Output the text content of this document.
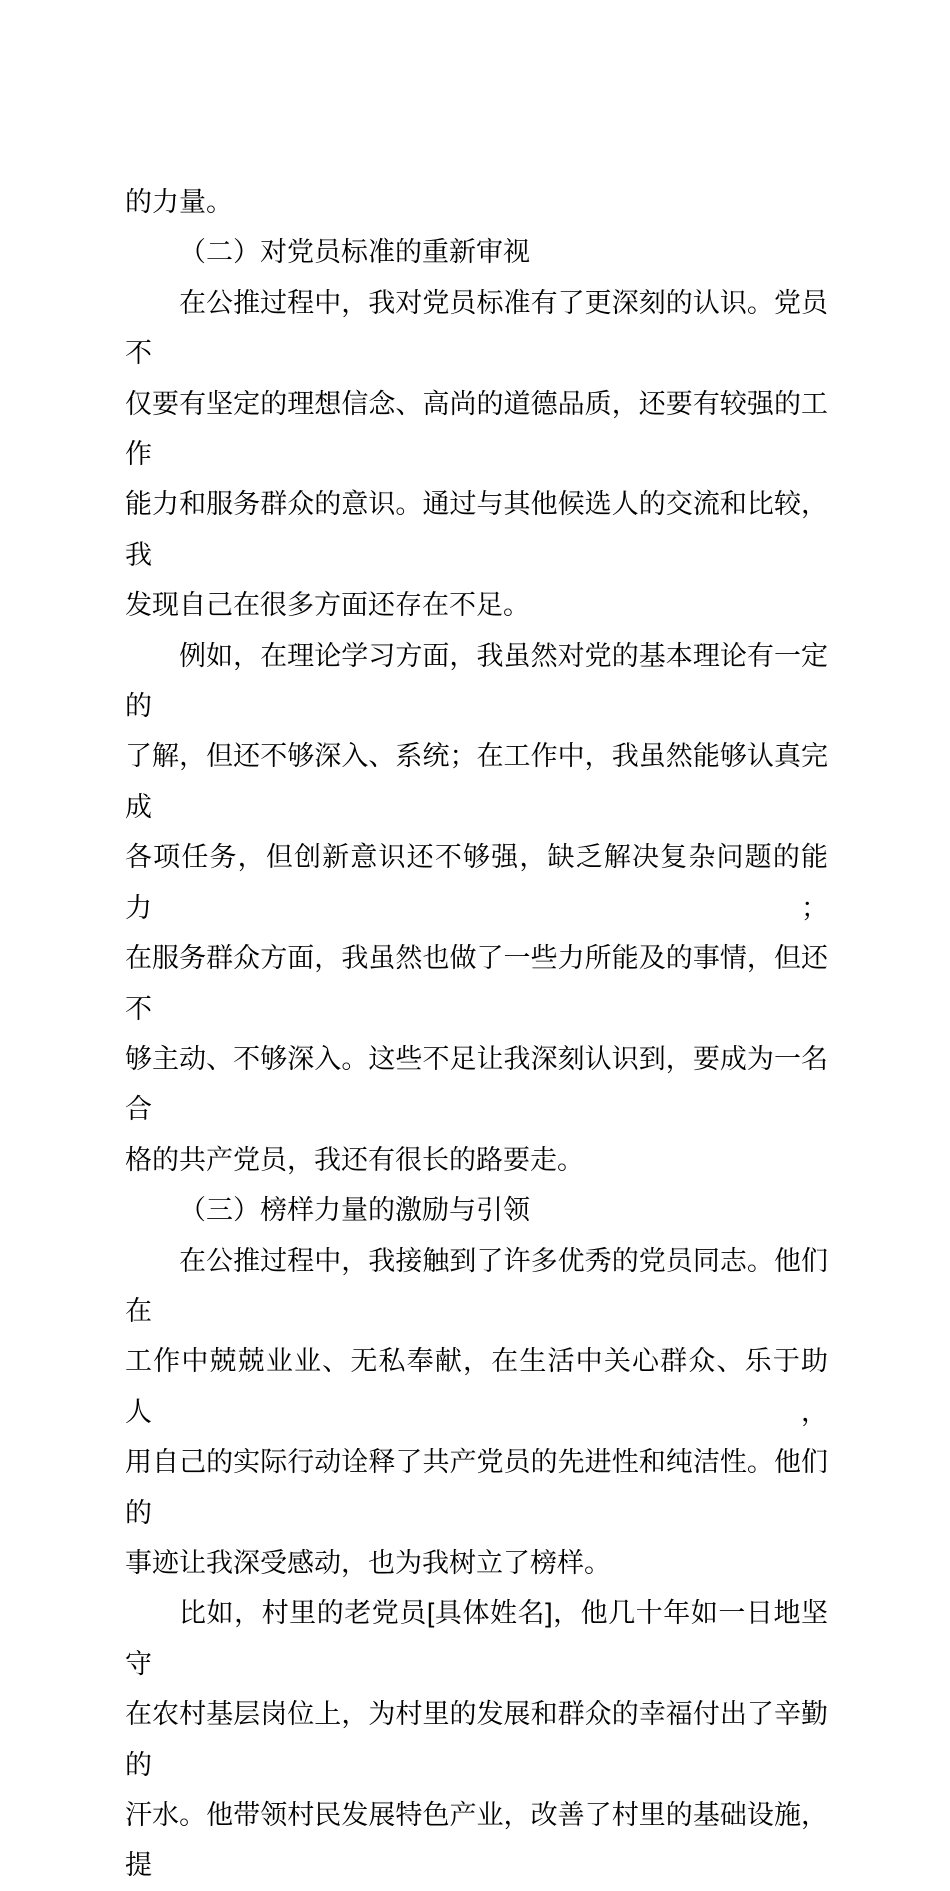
的力量。
（二）对党员标准的重新审视
在公推过程中，我对党员标准有了更深刻的认识。党员不
仅要有坚定的理想信念、高尚的道德品质，还要有较强的工作
能力和服务群众的意识。通过与其他候选人的交流和比较，我
发现自己在很多方面还存在不足。
例如，在理论学习方面，我虽然对党的基本理论有一定的
了解，但还不够深入、系统；在工作中，我虽然能够认真完成
各项任务，但创新意识还不够强，缺乏解决复杂问题的能力；
在服务群众方面，我虽然也做了一些力所能及的事情，但还不
够主动、不够深入。这些不足让我深刻认识到，要成为一名合
格的共产党员，我还有很长的路要走。
（三）榜样力量的激励与引领
在公推过程中，我接触到了许多优秀的党员同志。他们在
工作中兢兢业业、无私奉献，在生活中关心群众、乐于助人，
用自己的实际行动诠释了共产党员的先进性和纯洁性。他们的
事迹让我深受感动，也为我树立了榜样。
比如，村里的老党员[具体姓名]，他几十年如一日地坚守
在农村基层岗位上，为村里的发展和群众的幸福付出了辛勤的
汗水。他带领村民发展特色产业，改善了村里的基础设施，提
